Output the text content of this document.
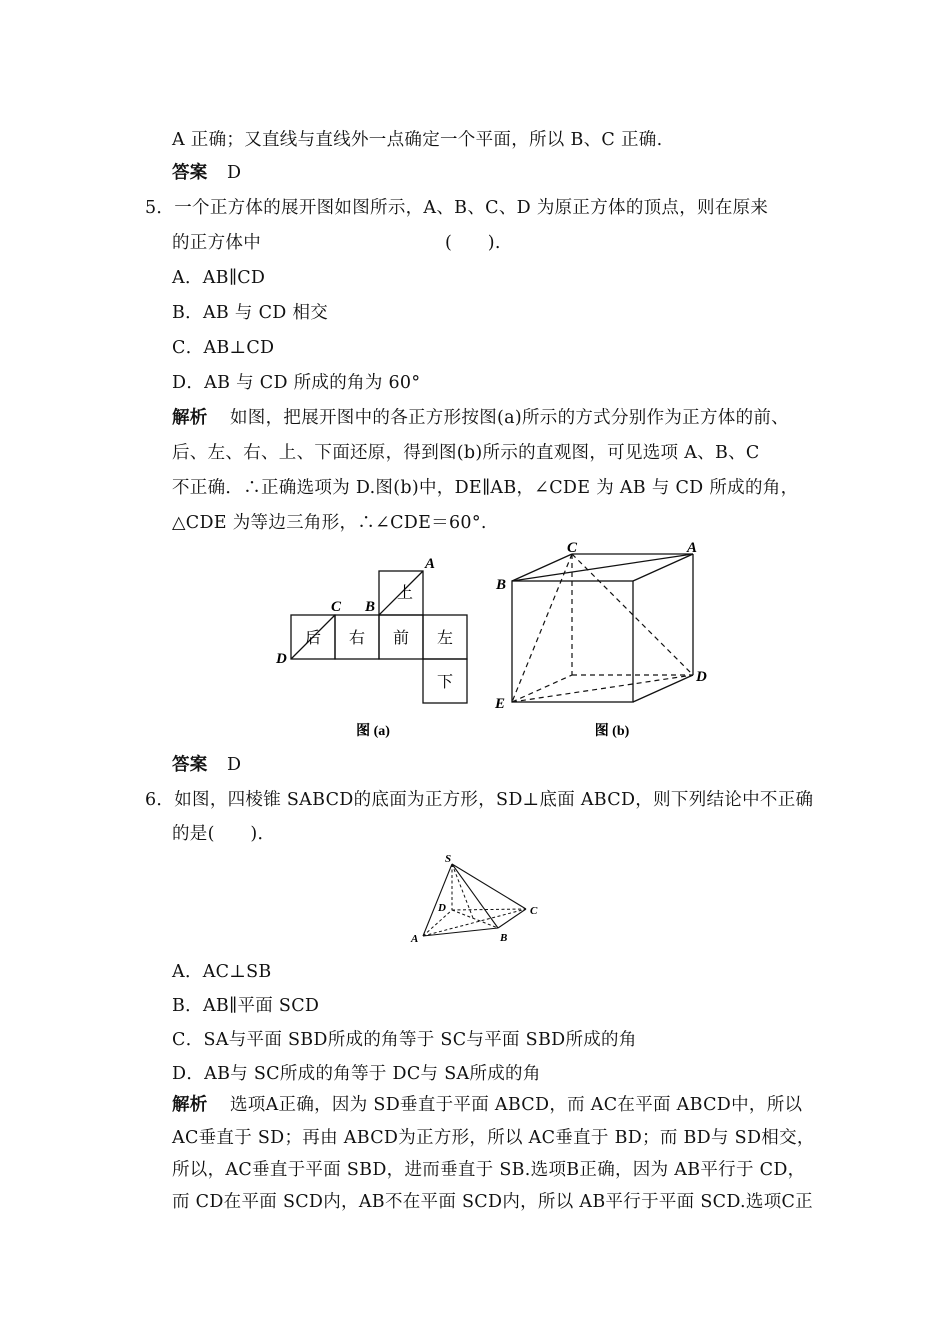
A 正确；又直线与直线外一点确定一个平面，所以 B、C 正确.
答案 D
5．一个正方体的展开图如图所示，A、B、C、D 为原正方体的顶点，则在原来
的正方体中	(　　).
A．AB∥CD
B．AB 与 CD 相交
C．AB⊥CD
D．AB 与 CD 所成的角为 60°
解析 如图，把展开图中的各正方形按图(a)所示的方式分别作为正方体的前、
后、左、右、上、下面还原，得到图(b)所示的直观图，可见选项 A、B、C
不正确．∴正确选项为 D.图(b)中，DE∥AB，∠CDE 为 AB 与 CD 所成的角，
△CDE 为等边三角形，∴∠CDE＝60°.
后 右 前 左
上
下
A
B
C
D
图 (a)
C	A
B
D
E
图 (b)
答案 D
6．如图，四棱锥 SABCD的底面为正方形，SD⊥底面 ABCD，则下列结论中不正确
的是(　　)．
S
D	C
A	B
A．AC⊥SB
B．AB∥平面 SCD
C．SA与平面 SBD所成的角等于 SC与平面 SBD所成的角
D．AB与 SC所成的角等于 DC与 SA所成的角
解析 选项A正确，因为 SD垂直于平面 ABCD，而 AC在平面 ABCD中，所以
AC垂直于 SD；再由 ABCD为正方形，所以 AC垂直于 BD；而 BD与 SD相交，
所以，AC垂直于平面 SBD，进而垂直于 SB.选项B正确，因为 AB平行于 CD，
而 CD在平面 SCD内，AB不在平面 SCD内，所以 AB平行于平面 SCD.选项C正
